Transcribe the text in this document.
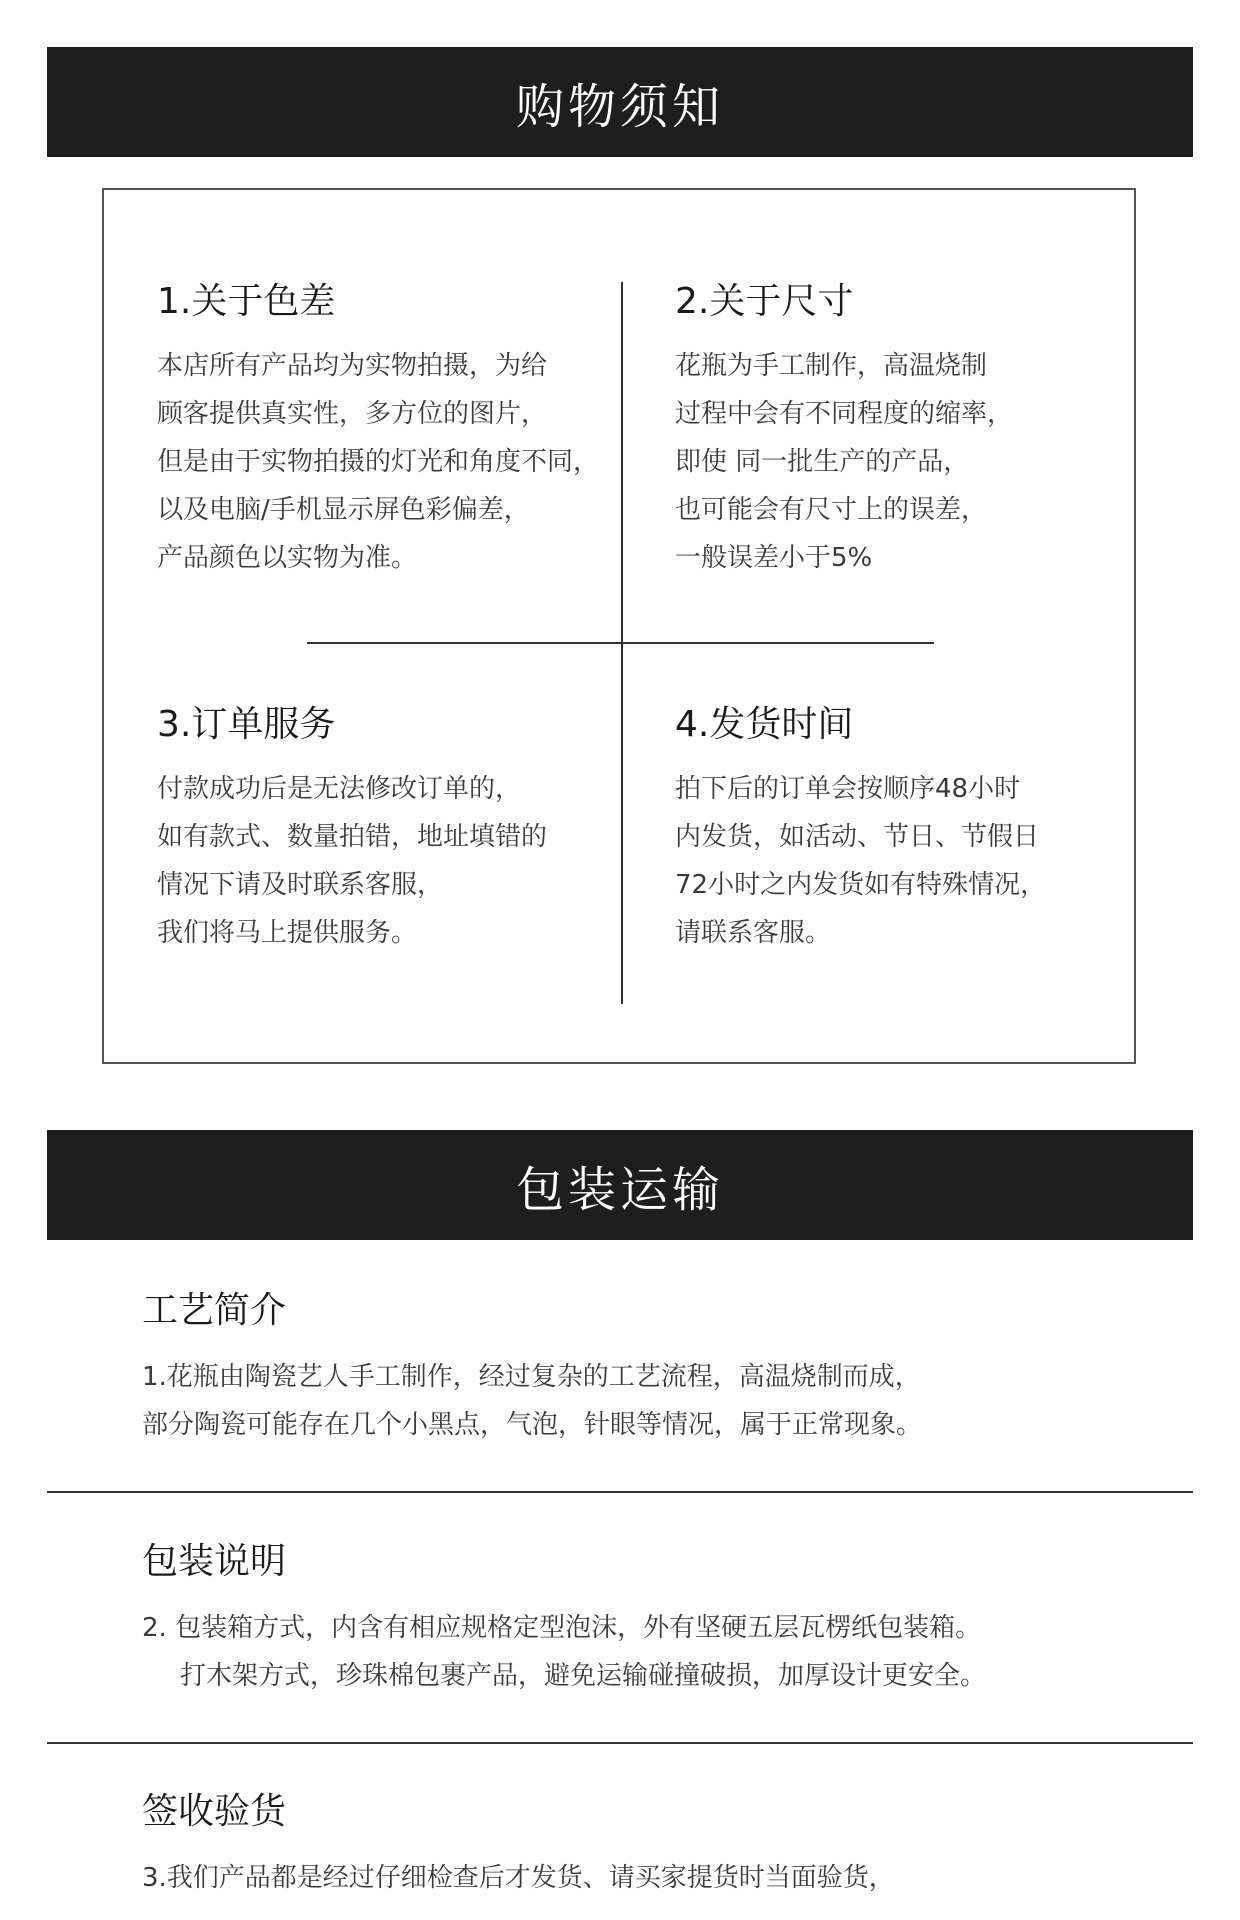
购物须知
1.关于色差
本店所有产品均为实物拍摄，为给
顾客提供真实性，多方位的图片，
但是由于实物拍摄的灯光和角度不同，
以及电脑/手机显示屏色彩偏差，
产品颜色以实物为准。
2.关于尺寸
花瓶为手工制作，高温烧制
过程中会有不同程度的缩率，
即使 同一批生产的产品，
也可能会有尺寸上的误差，
一般误差小于5%
3.订单服务
付款成功后是无法修改订单的，
如有款式、数量拍错，地址填错的
情况下请及时联系客服，
我们将马上提供服务。
4.发货时间
拍下后的订单会按顺序48小时
内发货，如活动、节日、节假日
72小时之内发货如有特殊情况，
请联系客服。
包装运输
工艺简介
1.花瓶由陶瓷艺人手工制作，经过复杂的工艺流程，高温烧制而成，
部分陶瓷可能存在几个小黑点，气泡，针眼等情况，属于正常现象。
包装说明
2. 包装箱方式，内含有相应规格定型泡沫，外有坚硬五层瓦楞纸包装箱。
打木架方式，珍珠棉包裹产品，避免运输碰撞破损，加厚设计更安全。
签收验货
3.我们产品都是经过仔细检查后才发货、请买家提货时当面验货，
